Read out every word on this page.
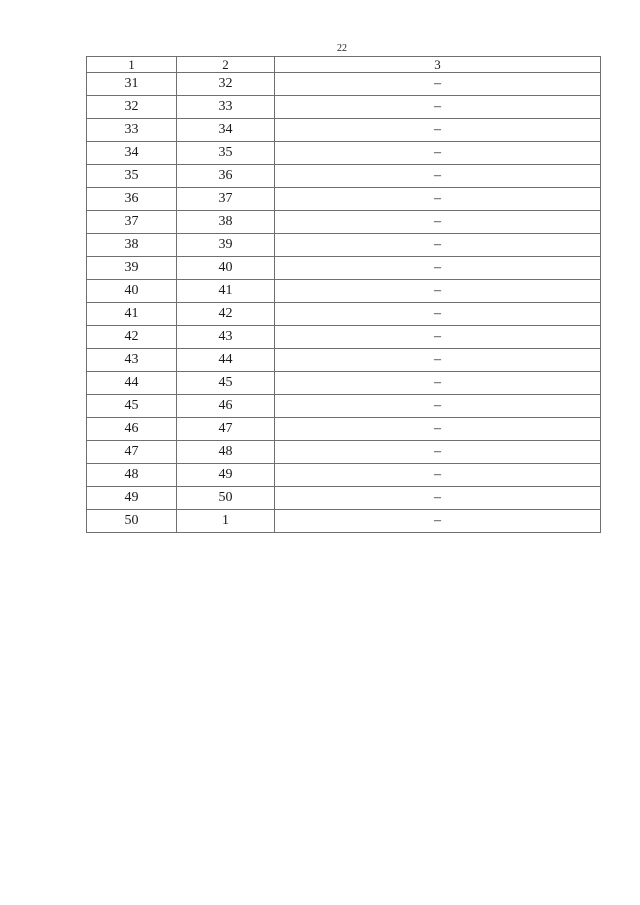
22
1	2	3
31	32	–
32	33	–
33	34	–
34	35	–
35	36	–
36	37	–
37	38	–
38	39	–
39	40	–
40	41	–
41	42	–
42	43	–
43	44	–
44	45	–
45	46	–
46	47	–
47	48	–
48	49	–
49	50	–
50	1	–
